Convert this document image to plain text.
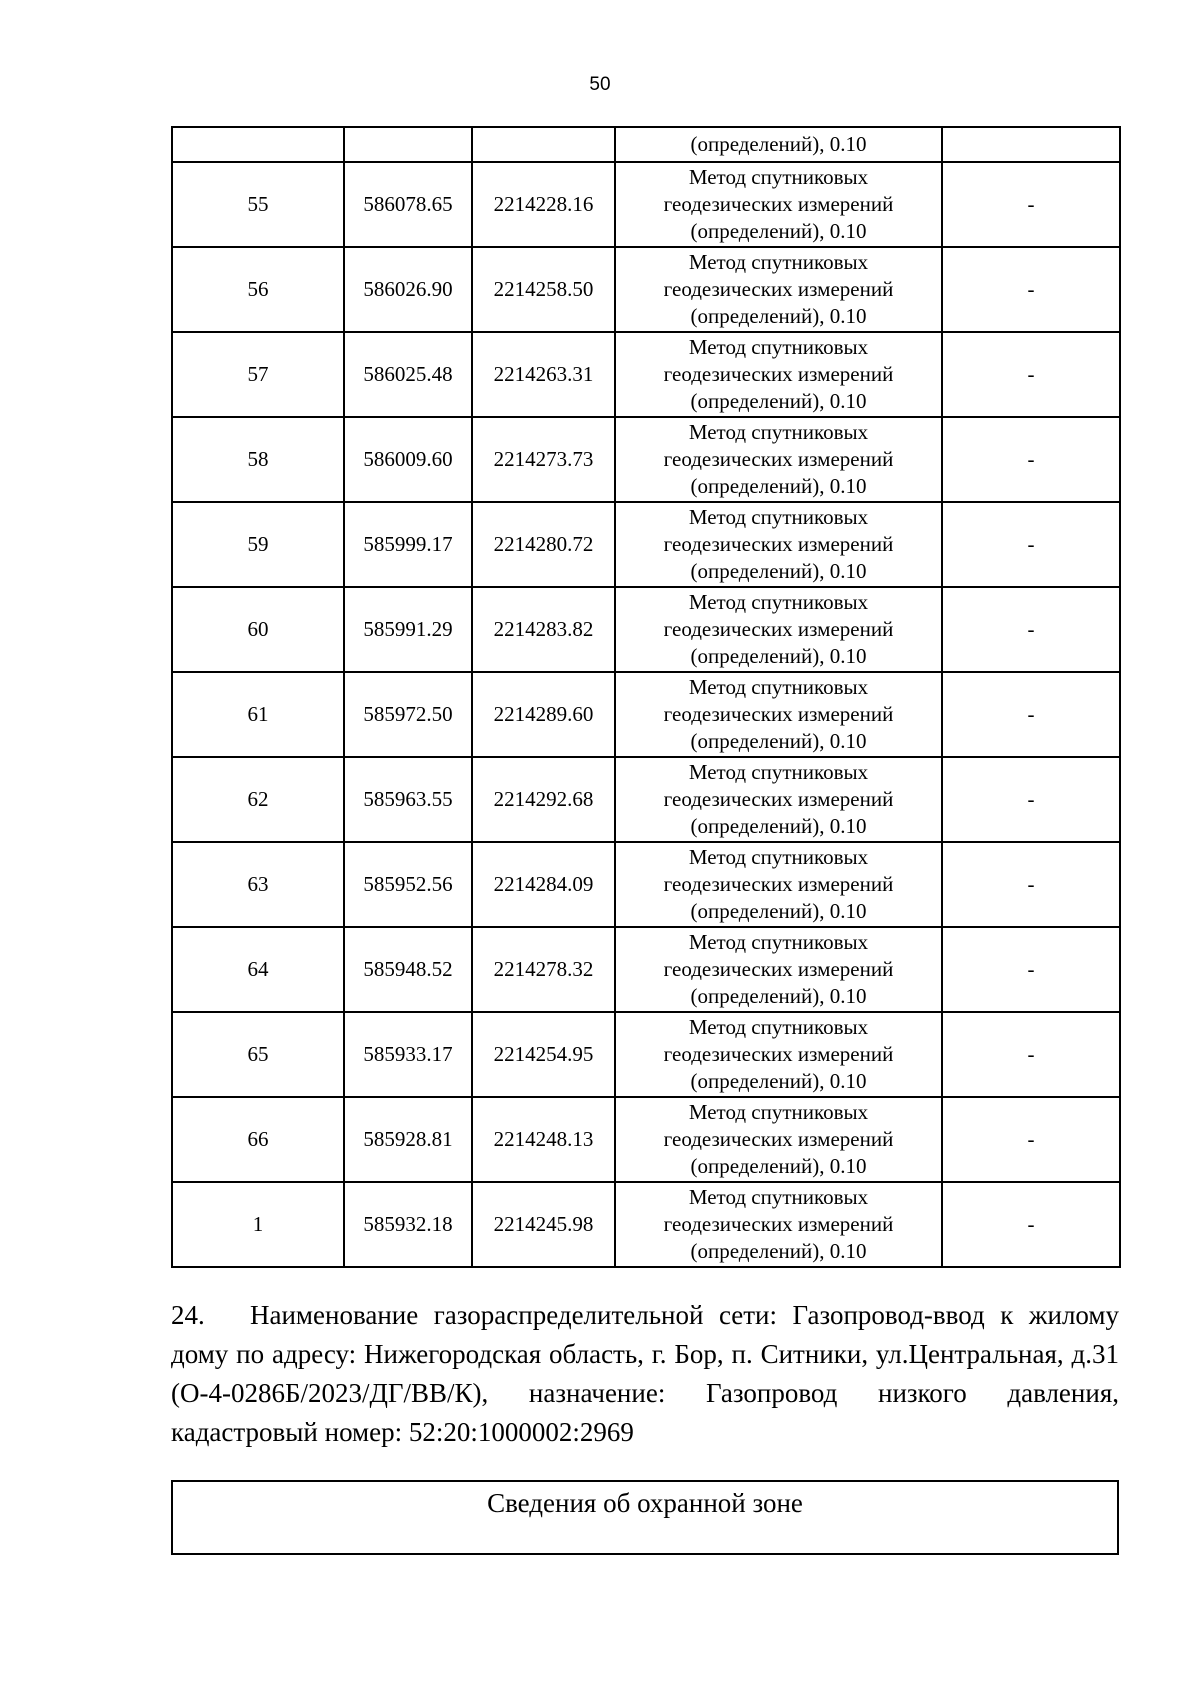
50
			(определений), 0.10	
55	586078.65	2214228.16	Метод спутниковых
геодезических измерений
(определений), 0.10	-
56	586026.90	2214258.50	Метод спутниковых
геодезических измерений
(определений), 0.10	-
57	586025.48	2214263.31	Метод спутниковых
геодезических измерений
(определений), 0.10	-
58	586009.60	2214273.73	Метод спутниковых
геодезических измерений
(определений), 0.10	-
59	585999.17	2214280.72	Метод спутниковых
геодезических измерений
(определений), 0.10	-
60	585991.29	2214283.82	Метод спутниковых
геодезических измерений
(определений), 0.10	-
61	585972.50	2214289.60	Метод спутниковых
геодезических измерений
(определений), 0.10	-
62	585963.55	2214292.68	Метод спутниковых
геодезических измерений
(определений), 0.10	-
63	585952.56	2214284.09	Метод спутниковых
геодезических измерений
(определений), 0.10	-
64	585948.52	2214278.32	Метод спутниковых
геодезических измерений
(определений), 0.10	-
65	585933.17	2214254.95	Метод спутниковых
геодезических измерений
(определений), 0.10	-
66	585928.81	2214248.13	Метод спутниковых
геодезических измерений
(определений), 0.10	-
1	585932.18	2214245.98	Метод спутниковых
геодезических измерений
(определений), 0.10	-
24. Наименование газораспределительной сети: Газопровод-ввод к жилому дому по адресу: Нижегородская область, г. Бор, п. Ситники, ул.Центральная, д.31 (О-4-0286Б/2023/ДГ/ВВ/К), назначение: Газопровод низкого давления, кадастровый номер: 52:20:1000002:2969
Сведения об охранной зоне
